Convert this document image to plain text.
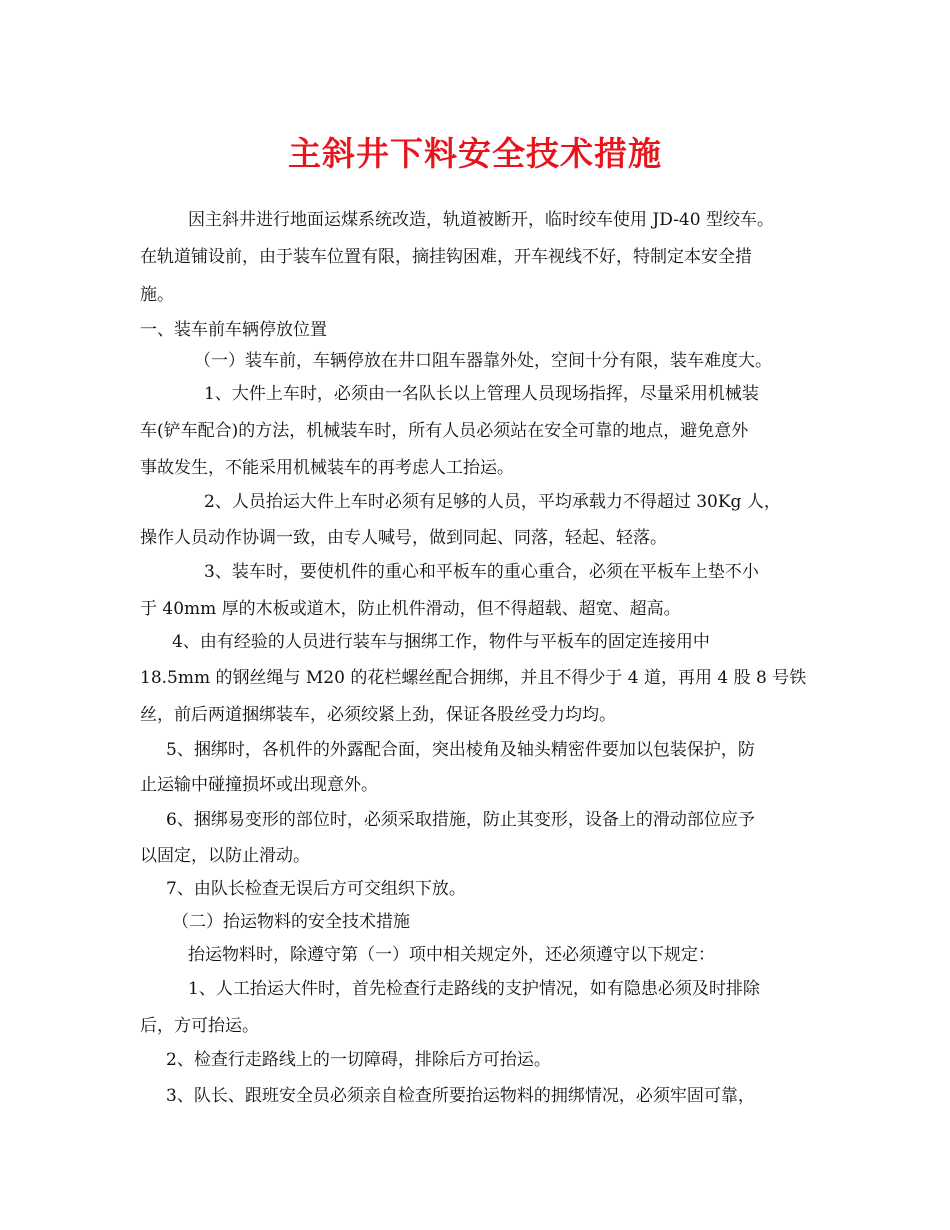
主斜井下料安全技术措施

因主斜井进行地面运煤系统改造，轨道被断开，临时绞车使用 JD-40 型绞车。

在轨道铺设前，由于装车位置有限，摘挂钩困难，开车视线不好，特制定本安全措

施。

一、装车前车辆停放位置

（一）装车前，车辆停放在井口阻车器靠外处，空间十分有限，装车难度大。

1、大件上车时，必须由一名队长以上管理人员现场指挥，尽量采用机械装

车(铲车配合)的方法，机械装车时，所有人员必须站在安全可靠的地点，避免意外

事故发生，不能采用机械装车的再考虑人工抬运。

2、人员抬运大件上车时必须有足够的人员，平均承载力不得超过 30Kg 人，

操作人员动作协调一致，由专人喊号，做到同起、同落，轻起、轻落。

3、装车时，要使机件的重心和平板车的重心重合，必须在平板车上垫不小

于 40mm 厚的木板或道木，防止机件滑动，但不得超载、超宽、超高。

4、由有经验的人员进行装车与捆绑工作，物件与平板车的固定连接用中

18.5mm 的钢丝绳与 M20 的花栏螺丝配合拥绑，并且不得少于 4 道，再用 4 股 8 号铁

丝，前后两道捆绑装车，必须绞紧上劲，保证各股丝受力均均。

5、捆绑时，各机件的外露配合面，突出棱角及轴头精密件要加以包装保护，防

止运输中碰撞损坏或出现意外。

6、捆绑易变形的部位时，必须采取措施，防止其变形，设备上的滑动部位应予

以固定，以防止滑动。

7、由队长检查无误后方可交组织下放。

（二）抬运物料的安全技术措施

抬运物料时，除遵守第（一）项中相关规定外，还必须遵守以下规定：

1、人工抬运大件时，首先检查行走路线的支护情况，如有隐患必须及时排除

后，方可抬运。

2、检查行走路线上的一切障碍，排除后方可抬运。

3、队长、跟班安全员必须亲自检查所要抬运物料的拥绑情况，必须牢固可靠，
